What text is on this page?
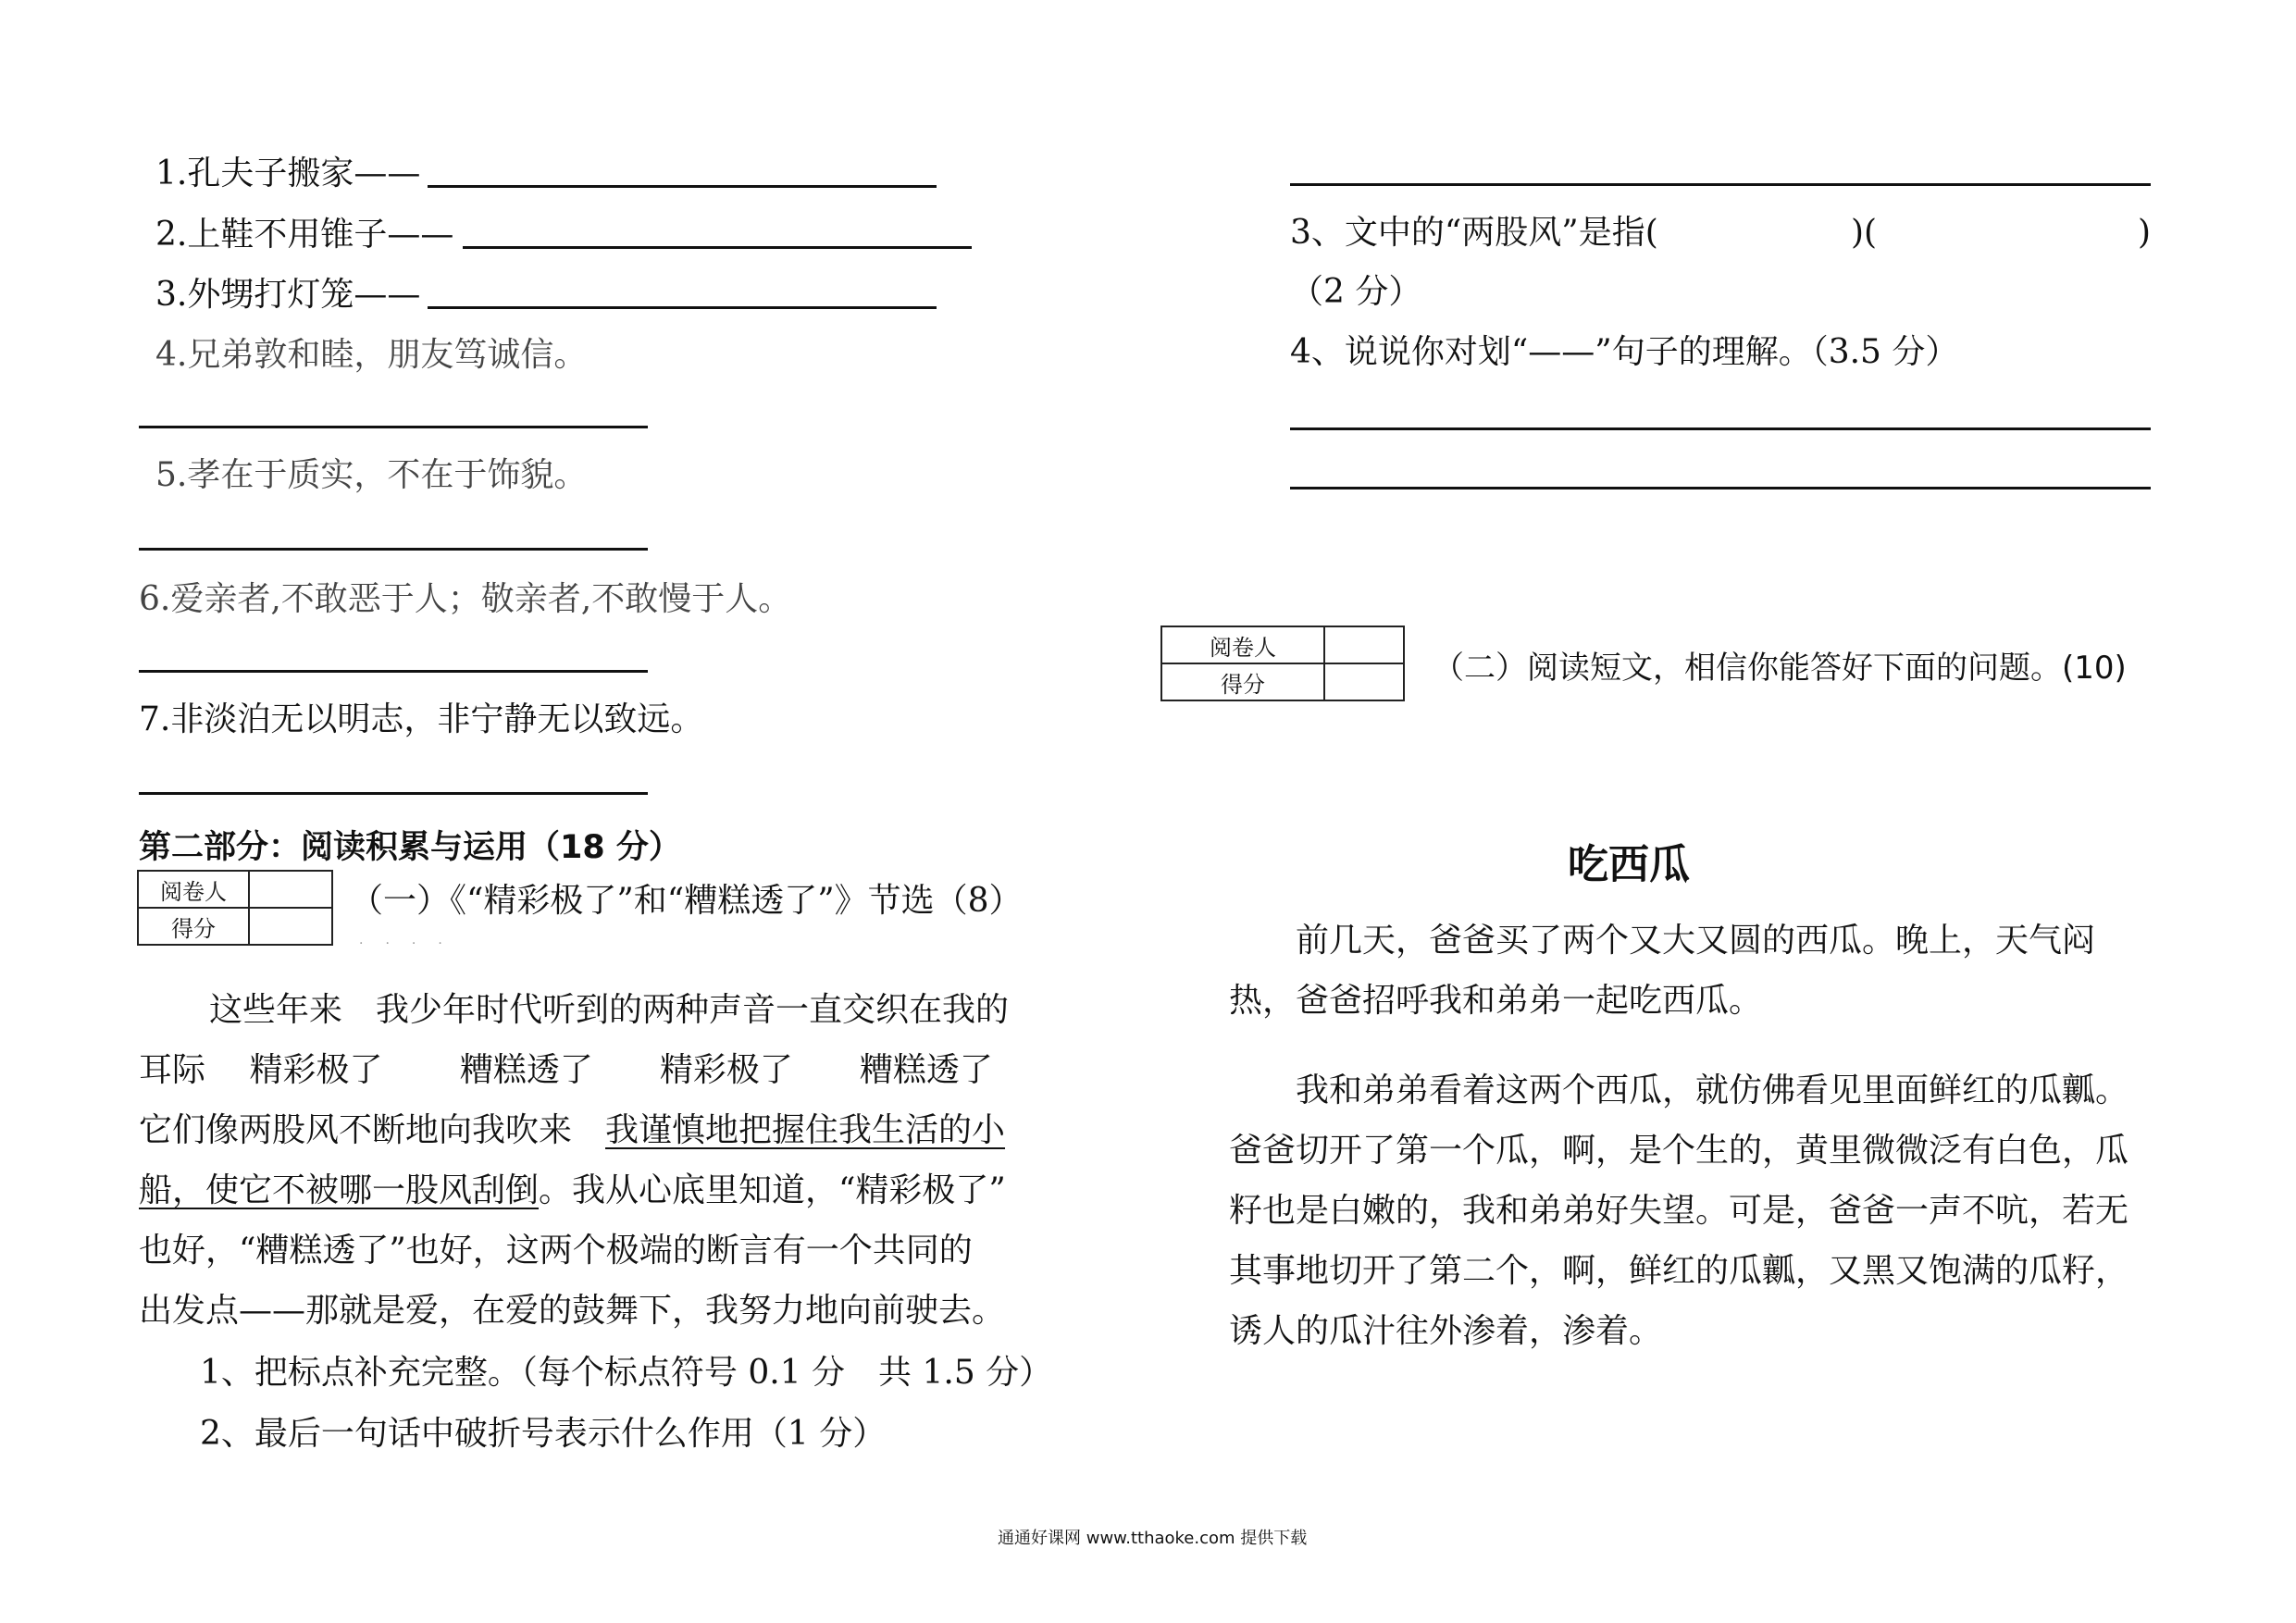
1.孔夫子搬家——
2.上鞋不用锥子——
3.外甥打灯笼——
4.兄弟敦和睦，朋友笃诚信。
5.孝在于质实，不在于饰貌。
6.爱亲者,不敢恶于人；敬亲者,不敢慢于人。
7.非淡泊无以明志，非宁静无以致远。
第二部分：阅读积累与运用（18 分）
阅卷人	
得分	
（一）《“精彩极了”和“糟糕透了”》节选（8）
····
这些年来　我少年时代听到的两种声音一直交织在我的
耳际　 精彩极了　　 糟糕透了　　精彩极了　　糟糕透了
它们像两股风不断地向我吹来　我谨慎地把握住我生活的小
船，使它不被哪一股风刮倒。我从心底里知道，“精彩极了”
也好，“糟糕透了”也好，这两个极端的断言有一个共同的
出发点——那就是爱，在爱的鼓舞下，我努力地向前驶去。
1、把标点补充完整。（每个标点符号 0.1 分　共 1.5 分）
2、最后一句话中破折号表示什么作用（1 分）
3、文中的“两股风”是指(	)(	)
（2 分）
4、说说你对划“——”句子的理解。（3.5 分）
阅卷人	
得分		（二）阅读短文，相信你能答好下面的问题。(10)
吃西瓜
前几天，爸爸买了两个又大又圆的西瓜。晚上，天气闷热，爸爸招呼我和弟弟一起吃西瓜。
我和弟弟看着这两个西瓜，就仿佛看见里面鲜红的瓜瓤。爸爸切开了第一个瓜，啊，是个生的，黄里微微泛有白色，瓜籽也是白嫩的，我和弟弟好失望。可是，爸爸一声不吭，若无其事地切开了第二个，啊，鲜红的瓜瓤，又黑又饱满的瓜籽，诱人的瓜汁往外渗着，渗着。
通通好课网 www.tthaoke.com 提供下载
